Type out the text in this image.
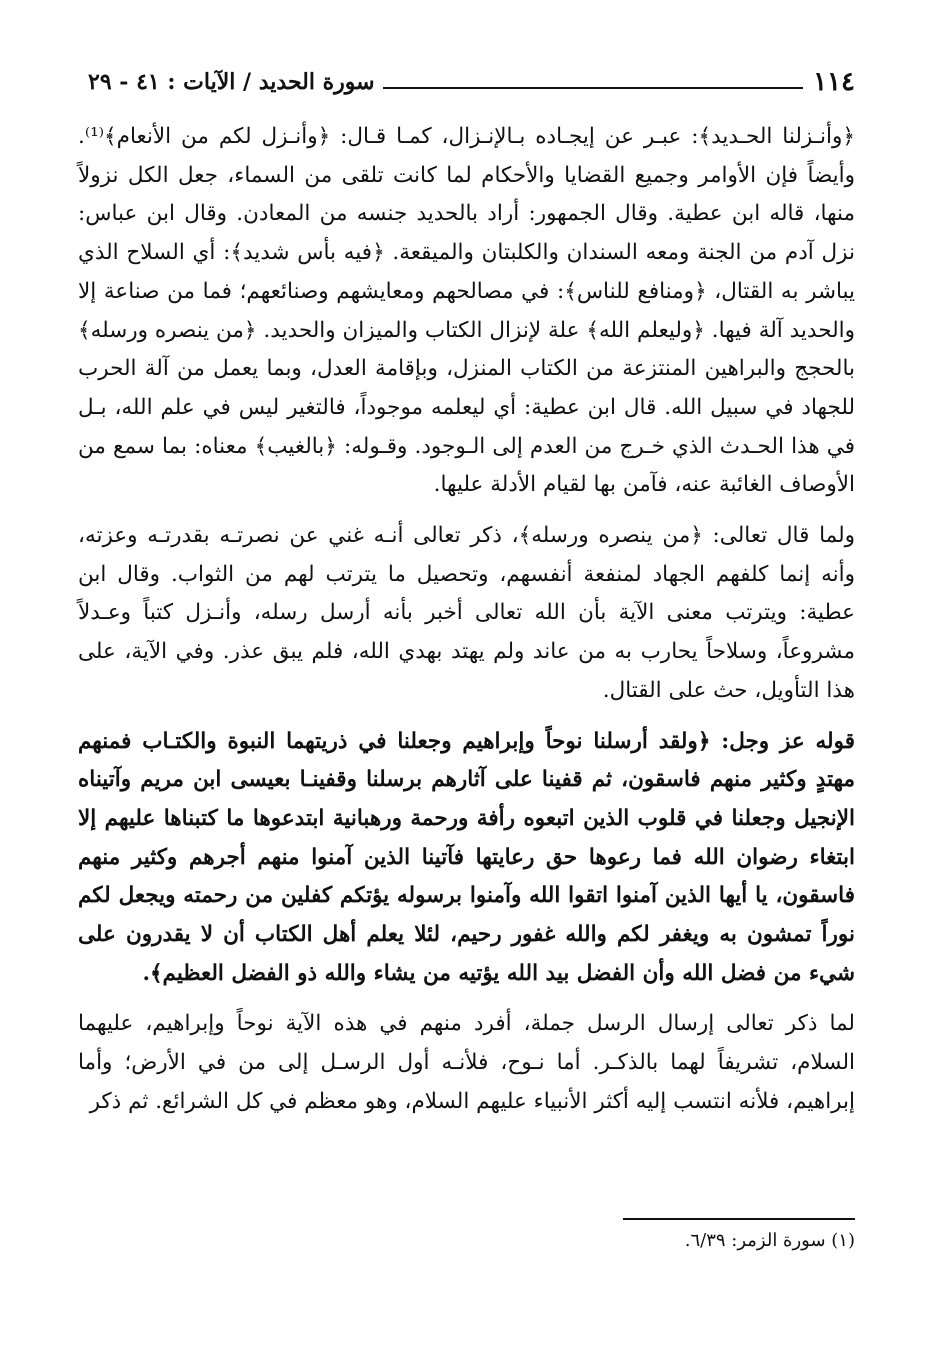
١١٤
سورة الحديد / الآيات : ٤١ - ٢٩

﴿وأنـزلنا الحـديد﴾: عبـر عن إيجـاده بـالإنـزال، كمـا قـال: ﴿وأنـزل لكم من الأنعام﴾⁽¹⁾. وأيضاً فإن الأوامر وجميع القضايا والأحكام لما كانت تلقى من السماء، جعل الكل نزولاً منها، قاله ابن عطية. وقال الجمهور: أراد بالحديد جنسه من المعادن. وقال ابن عباس: نزل آدم من الجنة ومعه السندان والكلبتان والميقعة. ﴿فيه بأس شديد﴾: أي السلاح الذي يباشر به القتال، ﴿ومنافع للناس﴾: في مصالحهم ومعايشهم وصنائعهم؛ فما من صناعة إلا والحديد آلة فيها. ﴿وليعلم الله﴾ علة لإنزال الكتاب والميزان والحديد. ﴿من ينصره ورسله﴾ بالحجج والبراهين المنتزعة من الكتاب المنزل، وبإقامة العدل، وبما يعمل من آلة الحرب للجهاد في سبيل الله. قال ابن عطية: أي ليعلمه موجوداً، فالتغير ليس في علم الله، بـل في هذا الحـدث الذي خـرج من العدم إلى الـوجود. وقـوله: ﴿بالغيب﴾ معناه: بما سمع من الأوصاف الغائبة عنه، فآمن بها لقيام الأدلة عليها.

ولما قال تعالى: ﴿من ينصره ورسله﴾، ذكر تعالى أنـه غني عن نصرتـه بقدرتـه وعزته، وأنه إنما كلفهم الجهاد لمنفعة أنفسهم، وتحصيل ما يترتب لهم من الثواب. وقال ابن عطية: ويترتب معنى الآية بأن الله تعالى أخبر بأنه أرسل رسله، وأنـزل كتباً وعـدلاً مشروعاً، وسلاحاً يحارب به من عاند ولم يهتد بهدي الله، فلم يبق عذر. وفي الآية، على هذا التأويل، حث على القتال.

قوله عز وجل: ﴿ولقد أرسلنا نوحاً وإبراهيم وجعلنا في ذريتهما النبوة والكتـاب فمنهم مهتدٍ وكثير منهم فاسقون، ثم قفينا على آثارهم برسلنا وقفينـا بعيسى ابن مريم وآتيناه الإنجيل وجعلنا في قلوب الذين اتبعوه رأفة ورحمة ورهبانية ابتدعوها ما كتبناها عليهم إلا ابتغاء رضوان الله فما رعوها حق رعايتها فآتينا الذين آمنوا منهم أجرهم وكثير منهم فاسقون، يا أيها الذين آمنوا اتقوا الله وآمنوا برسوله يؤتكم كفلين من رحمته ويجعل لكم نوراً تمشون به ويغفر لكم والله غفور رحيم، لئلا يعلم أهل الكتاب أن لا يقدرون على شيء من فضل الله وأن الفضل بيد الله يؤتيه من يشاء والله ذو الفضل العظيم﴾.

لما ذكر تعالى إرسال الرسل جملة، أفرد منهم في هذه الآية نوحاً وإبراهيم، عليهما السلام، تشريفاً لهما بالذكـر. أما نـوح، فلأنـه أول الرسـل إلى من في الأرض؛ وأما إبراهيم، فلأنه انتسب إليه أكثر الأنبياء عليهم السلام، وهو معظم في كل الشرائع. ثم ذكر

(١) سورة الزمر: ٦/٣٩.
